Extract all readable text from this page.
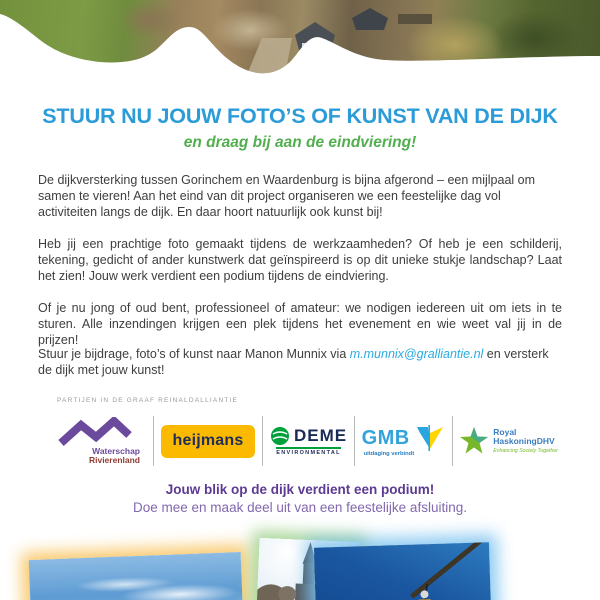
STUUR NU JOUW FOTO’S OF KUNST VAN DE DIJK
en draag bij aan de eindviering!
De dijkversterking tussen Gorinchem en Waardenburg is bijna afgerond – een mijlpaal om samen te vieren! Aan het eind van dit project organiseren we een feestelijke dag vol activiteiten langs de dijk. En daar hoort natuurlijk ook kunst bij!
Heb jij een prachtige foto gemaakt tijdens de werkzaamheden? Of heb je een schilderij, tekening, gedicht of ander kunstwerk dat geïnspireerd is op dit unieke stukje landschap? Laat het zien! Jouw werk verdient een podium tijdens de eindviering.
Of je nu jong of oud bent, professioneel of amateur: we nodigen iedereen uit om iets in te sturen. Alle inzendingen krijgen een plek tijdens het evenement en wie weet val jij in de prijzen!
Stuur je bijdrage, foto’s of kunst naar Manon Munnix via m.munnix@gralliantie.nl en versterk de dijk met jouw kunst!
PARTIJEN IN DE GRAAF REINALDALLIANTIE
Waterschap
Rivierenland
heijmans	DEME
ENVIRONMENTAL
GMB
uitdaging verbindt
Royal
HaskoningDHV
Enhancing Society Together
Jouw blik op de dijk verdient een podium!
Doe mee en maak deel uit van een feestelijke afsluiting.
